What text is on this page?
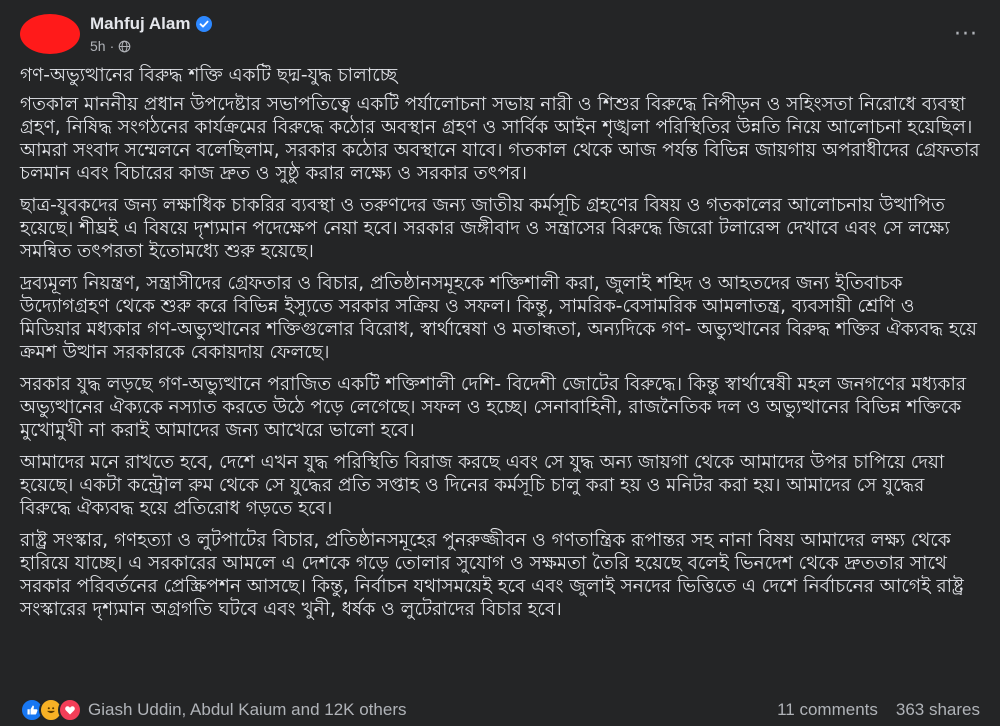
Mahfuj Alam
5h ·	···
গণ-অভ্যুত্থানের বিরুদ্ধ শক্তি একটি ছদ্ম-যুদ্ধ চালাচ্ছে
গতকাল মাননীয় প্রধান উপদেষ্টার সভাপতিত্বে একটি পর্যালোচনা সভায় নারী ও শিশুর বিরুদ্ধে নিপীড়ন ও সহিংসতা নিরোধে ব্যবস্থা গ্রহণ, নিষিদ্ধ সংগঠনের কার্যক্রমের বিরুদ্ধে কঠোর অবস্থান গ্রহণ ও সার্বিক আইন শৃঙ্খলা পরিস্থিতির উন্নতি নিয়ে আলোচনা হয়েছিল। আমরা সংবাদ সম্মেলনে বলেছিলাম, সরকার কঠোর অবস্থানে যাবে। গতকাল থেকে আজ পর্যন্ত বিভিন্ন জায়গায় অপরাধীদের গ্রেফতার চলমান এবং বিচারের কাজ দ্রুত ও সুষ্ঠু করার লক্ষ্যে ও সরকার তৎপর।
ছাত্র-যুবকদের জন্য লক্ষাধিক চাকরির ব্যবস্থা ও তরুণদের জন্য জাতীয় কর্মসূচি গ্রহণের বিষয় ও গতকালের আলোচনায় উত্থাপিত হয়েছে। শীঘ্রই এ বিষয়ে দৃশ্যমান পদেক্ষেপ নেয়া হবে। সরকার জঙ্গীবাদ ও সন্ত্রাসের বিরুদ্ধে জিরো টলারেন্স দেখাবে এবং সে লক্ষ্যে সমন্বিত তৎপরতা ইতোমধ্যে শুরু হয়েছে।
দ্রব্যমূল্য নিয়ন্ত্রণ, সন্ত্রাসীদের গ্রেফতার ও বিচার, প্রতিষ্ঠানসমূহকে শক্তিশালী করা, জুলাই শহিদ ও আহতদের জন্য ইতিবাচক উদ্যোগগ্রহণ থেকে শুরু করে বিভিন্ন ইস্যুতে সরকার সক্রিয় ও সফল। কিন্তু, সামরিক-বেসামরিক আমলাতন্ত্র, ব্যবসায়ী শ্রেণি ও মিডিয়ার মধ্যকার গণ-অভ্যুত্থানের শক্তিগুলোর বিরোধ, স্বার্থান্বেষা ও মতান্ধতা, অন্যদিকে গণ- অভ্যুত্থানের বিরুদ্ধ শক্তির ঐক্যবদ্ধ হয়ে ক্রমশ উত্থান সরকারকে বেকায়দায় ফেলছে।
সরকার যুদ্ধ লড়ছে গণ-অভ্যুত্থানে পরাজিত একটি শক্তিশালী দেশি- বিদেশী জোটের বিরুদ্ধে। কিন্তু স্বার্থান্বেষী মহল জনগণের মধ্যকার অভ্যুত্থানের ঐক্যকে নস্যাত করতে উঠে পড়ে লেগেছে। সফল ও হচ্ছে। সেনাবাহিনী, রাজনৈতিক দল ও অভ্যুত্থানের বিভিন্ন শক্তিকে মুখোমুখী না করাই আমাদের জন্য আখেরে ভালো হবে।
আমাদের মনে রাখতে হবে, দেশে এখন যুদ্ধ পরিস্থিতি বিরাজ করছে এবং সে যুদ্ধ অন্য জায়গা থেকে আমাদের উপর চাপিয়ে দেয়া হয়েছে। একটা কন্ট্রোল রুম থেকে সে যুদ্ধের প্রতি সপ্তাহ ও দিনের কর্মসূচি চালু করা হয় ও মনিটর করা হয়। আমাদের সে যুদ্ধের বিরুদ্ধে ঐক্যবদ্ধ হয়ে প্রতিরোধ গড়তে হবে।
রাষ্ট্র সংস্কার, গণহত্যা ও লুটপাটের বিচার, প্রতিষ্ঠানসমূহের পুনরুজ্জীবন ও গণতান্ত্রিক রূপান্তর সহ নানা বিষয় আমাদের লক্ষ্য থেকে হারিয়ে যাচ্ছে। এ সরকারের আমলে এ দেশকে গড়ে তোলার সুযোগ ও সক্ষমতা তৈরি হয়েছে বলেই ভিনদেশ থেকে দ্রুততার সাথে সরকার পরিবর্তনের প্রেস্ক্রিপশন আসছে। কিন্তু, নির্বাচন যথাসময়েই হবে এবং জুলাই সনদের ভিত্তিতে এ দেশে নির্বাচনের আগেই রাষ্ট্র সংস্কারের দৃশ্যমান অগ্রগতি ঘটবে এবং খুনী, ধর্ষক ও লুটেরাদের বিচার হবে।
Giash Uddin, Abdul Kaium and 12K others	11 comments 363 shares
